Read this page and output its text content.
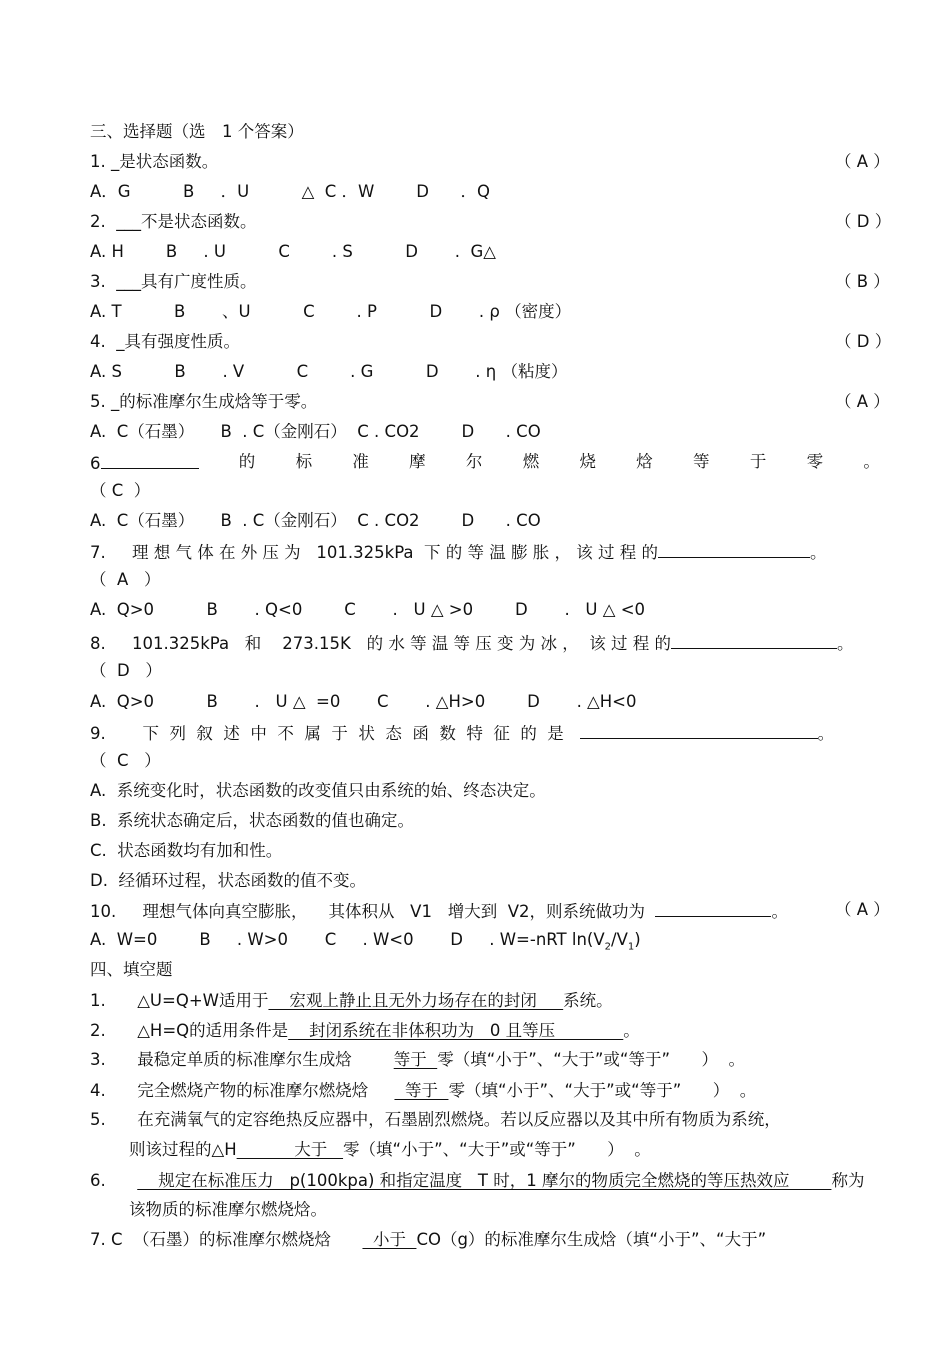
三、选择题（选　1 个答案）
1. _是状态函数。	（ A ）
A．G          B     ．U          △  C ．W        D      ．Q
2.  ___不是状态函数。	（ D ）
A. H        B     . U          C        . S          D       .  G△
3.  ___具有广度性质。	（ B ）
A. T          B       、U          C        . P          D       . ρ （密度）
4.  _具有强度性质。	（ D ）
A. S          B       . V          C        . G          D       . η （粘度）
5. _的标准摩尔生成焓等于零。	（ A ）
A.  C（石墨）     B  . C（金刚石）  C . CO2        D      . CO
6	的 标 准 摩 尔 燃 烧 焓 等 于 零 。
（ C  ）
A.  C（石墨）     B  . C（金刚石）  C . CO2        D      . CO
7.     理 想 气 体 在 外 压 为   101.325kPa  下 的 等 温 膨 胀 ， 该 过 程 的	。
（  A   ）
A.  Q>0          B       . Q<0        C       .   U △ >0        D       .   U △ <0
8.     101.325kPa   和    273.15K   的 水 等 温 等 压 变 为 冰 ，  该 过 程 的	。
（  D   ）
A.  Q>0          B       .   U △  =0       C       . △H>0        D       . △H<0
9.       下  列  叙  述  中  不  属  于  状  态  函  数  特  征  的  是	。
（  C   ）
A.  系统变化时，状态函数的改变值只由系统的始、终态决定。
B.  系统状态确定后，状态函数的值也确定。
C.  状态函数均有加和性。
D.  经循环过程，状态函数的值不变。
10.     理想气体向真空膨胀，    其体积从   V1   增大到  V2，则系统做功为	。	（ A ）
A.  W=0        B     . W>0       C     . W<0       D     . W=-nRT $\ln(V_2/V_1)$
四、填空题
1. △U=Q+W适用于    宏观上静止且无外力场存在的封闭     系统。
2. △H=Q的适用条件是    封闭系统在非体积功为   0 且等压             。
3. 最稳定单质的标准摩尔生成焓        等于  零（填“小于”、“大于”或“等于”      ）  。
4. 完全燃烧产物的标准摩尔燃烧焓       等于  零（填“小于”、“大于”或“等于”      ）  。
5. 在充满氧气的定容绝热反应器中，石墨剧烈燃烧。若以反应器以及其中所有物质为系统，
则该过程的△H           大于   零（填“小于”、“大于”或“等于”      ）  。
6.          规定在标准压力   p(100kpa) 和指定温度   T 时，1 摩尔的物质完全燃烧的等压热效应        称为
该物质的标准摩尔燃烧焓。
7. C  （石墨）的标准摩尔燃烧焓        小于  CO（g）的标准摩尔生成焓（填“小于”、“大于”
